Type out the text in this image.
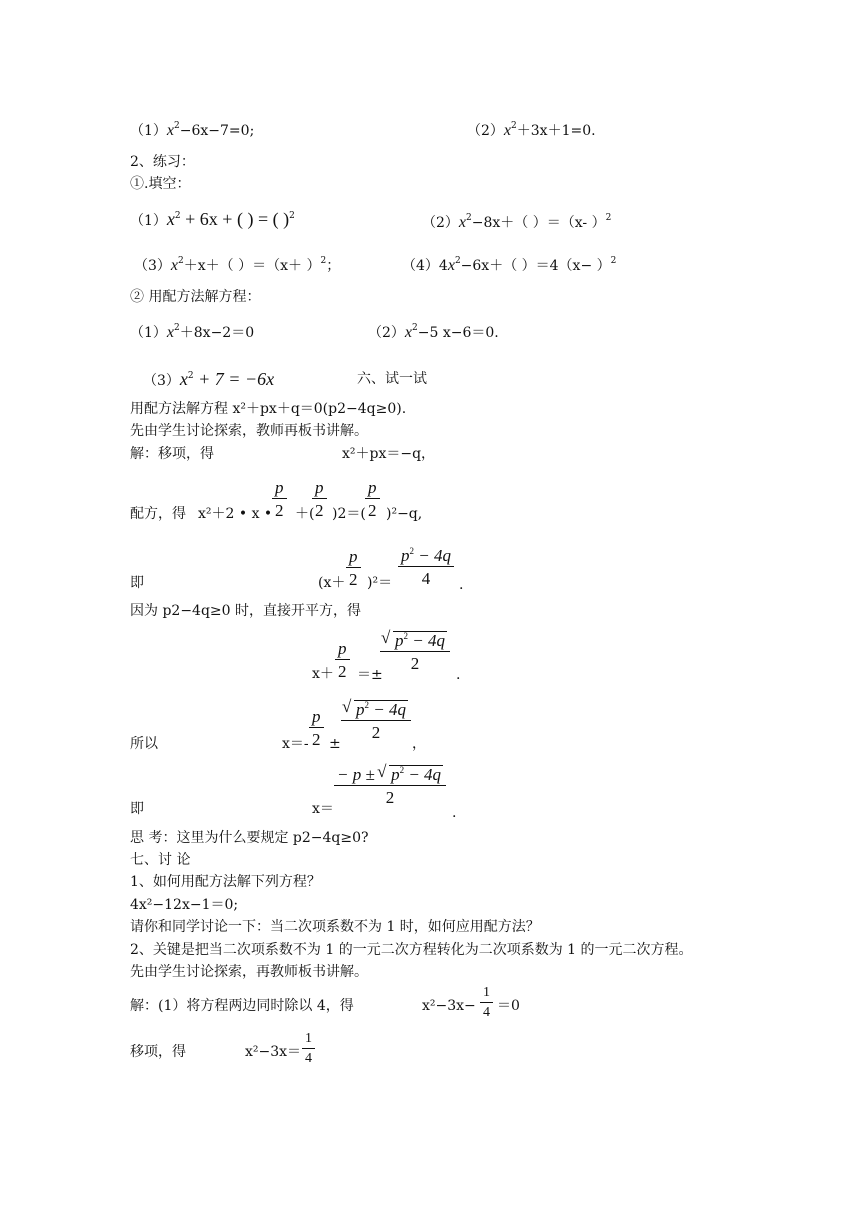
$(1)x^2-6x-7=0$;	$(2)x^2+3x+1=0$.
2、练习：
①.填空：
$(1)x^2 + 6x$ + ( ) = ( )$^2$	$(2)x^2-8x+$（ ）＝（x- ）$^2$
$(3)x^2+x+$（ ）$=(x+ )^2$；	$(4)4x^2-6x+$（ ）$=4(x- )^2$
② 用配方法解方程：
$(1)x^2+8x-2=0$	$(2)x^2-5$ x−6＝0.
$(3)x^2 + 7 = -6x$	六、试一试
用配方法解方程 x²＋px＋q＝0(p2−4q≥0).
先由学生讨论探索，教师再板书讲解。
解：移项，得	x²＋px＝−q，
配方，得 x²＋2 • x •
p
2 ＋(
p
2 )2＝(
p
2 )²−q,
即	(x＋
p
2 )²＝
$p^2 - 4q$
4 .
因为 p2−4q≥0 时，直接开平方，得
x＋
p
2 ＝±
√ $p^2 - 4q$
2
.
所以	x＝-
p
2 ±
√ $p^2 - 4q$
2
，
即	x＝
− p ± √ $p^2 - 4q$
2
.
思 考：这里为什么要规定 p2−4q≥0?
七、讨 论
1、如何用配方法解下列方程？
4x²−12x−1＝0;
请你和同学讨论一下：当二次项系数不为 1 时，如何应用配方法？
2、关键是把当二次项系数不为 1 的一元二次方程转化为二次项系数为 1 的一元二次方程。
先由学生讨论探索，再教师板书讲解。
解：(1）将方程两边同时除以 4，得	x²−3x−
1
4 ＝0
移项，得	x²−3x＝
1
4
